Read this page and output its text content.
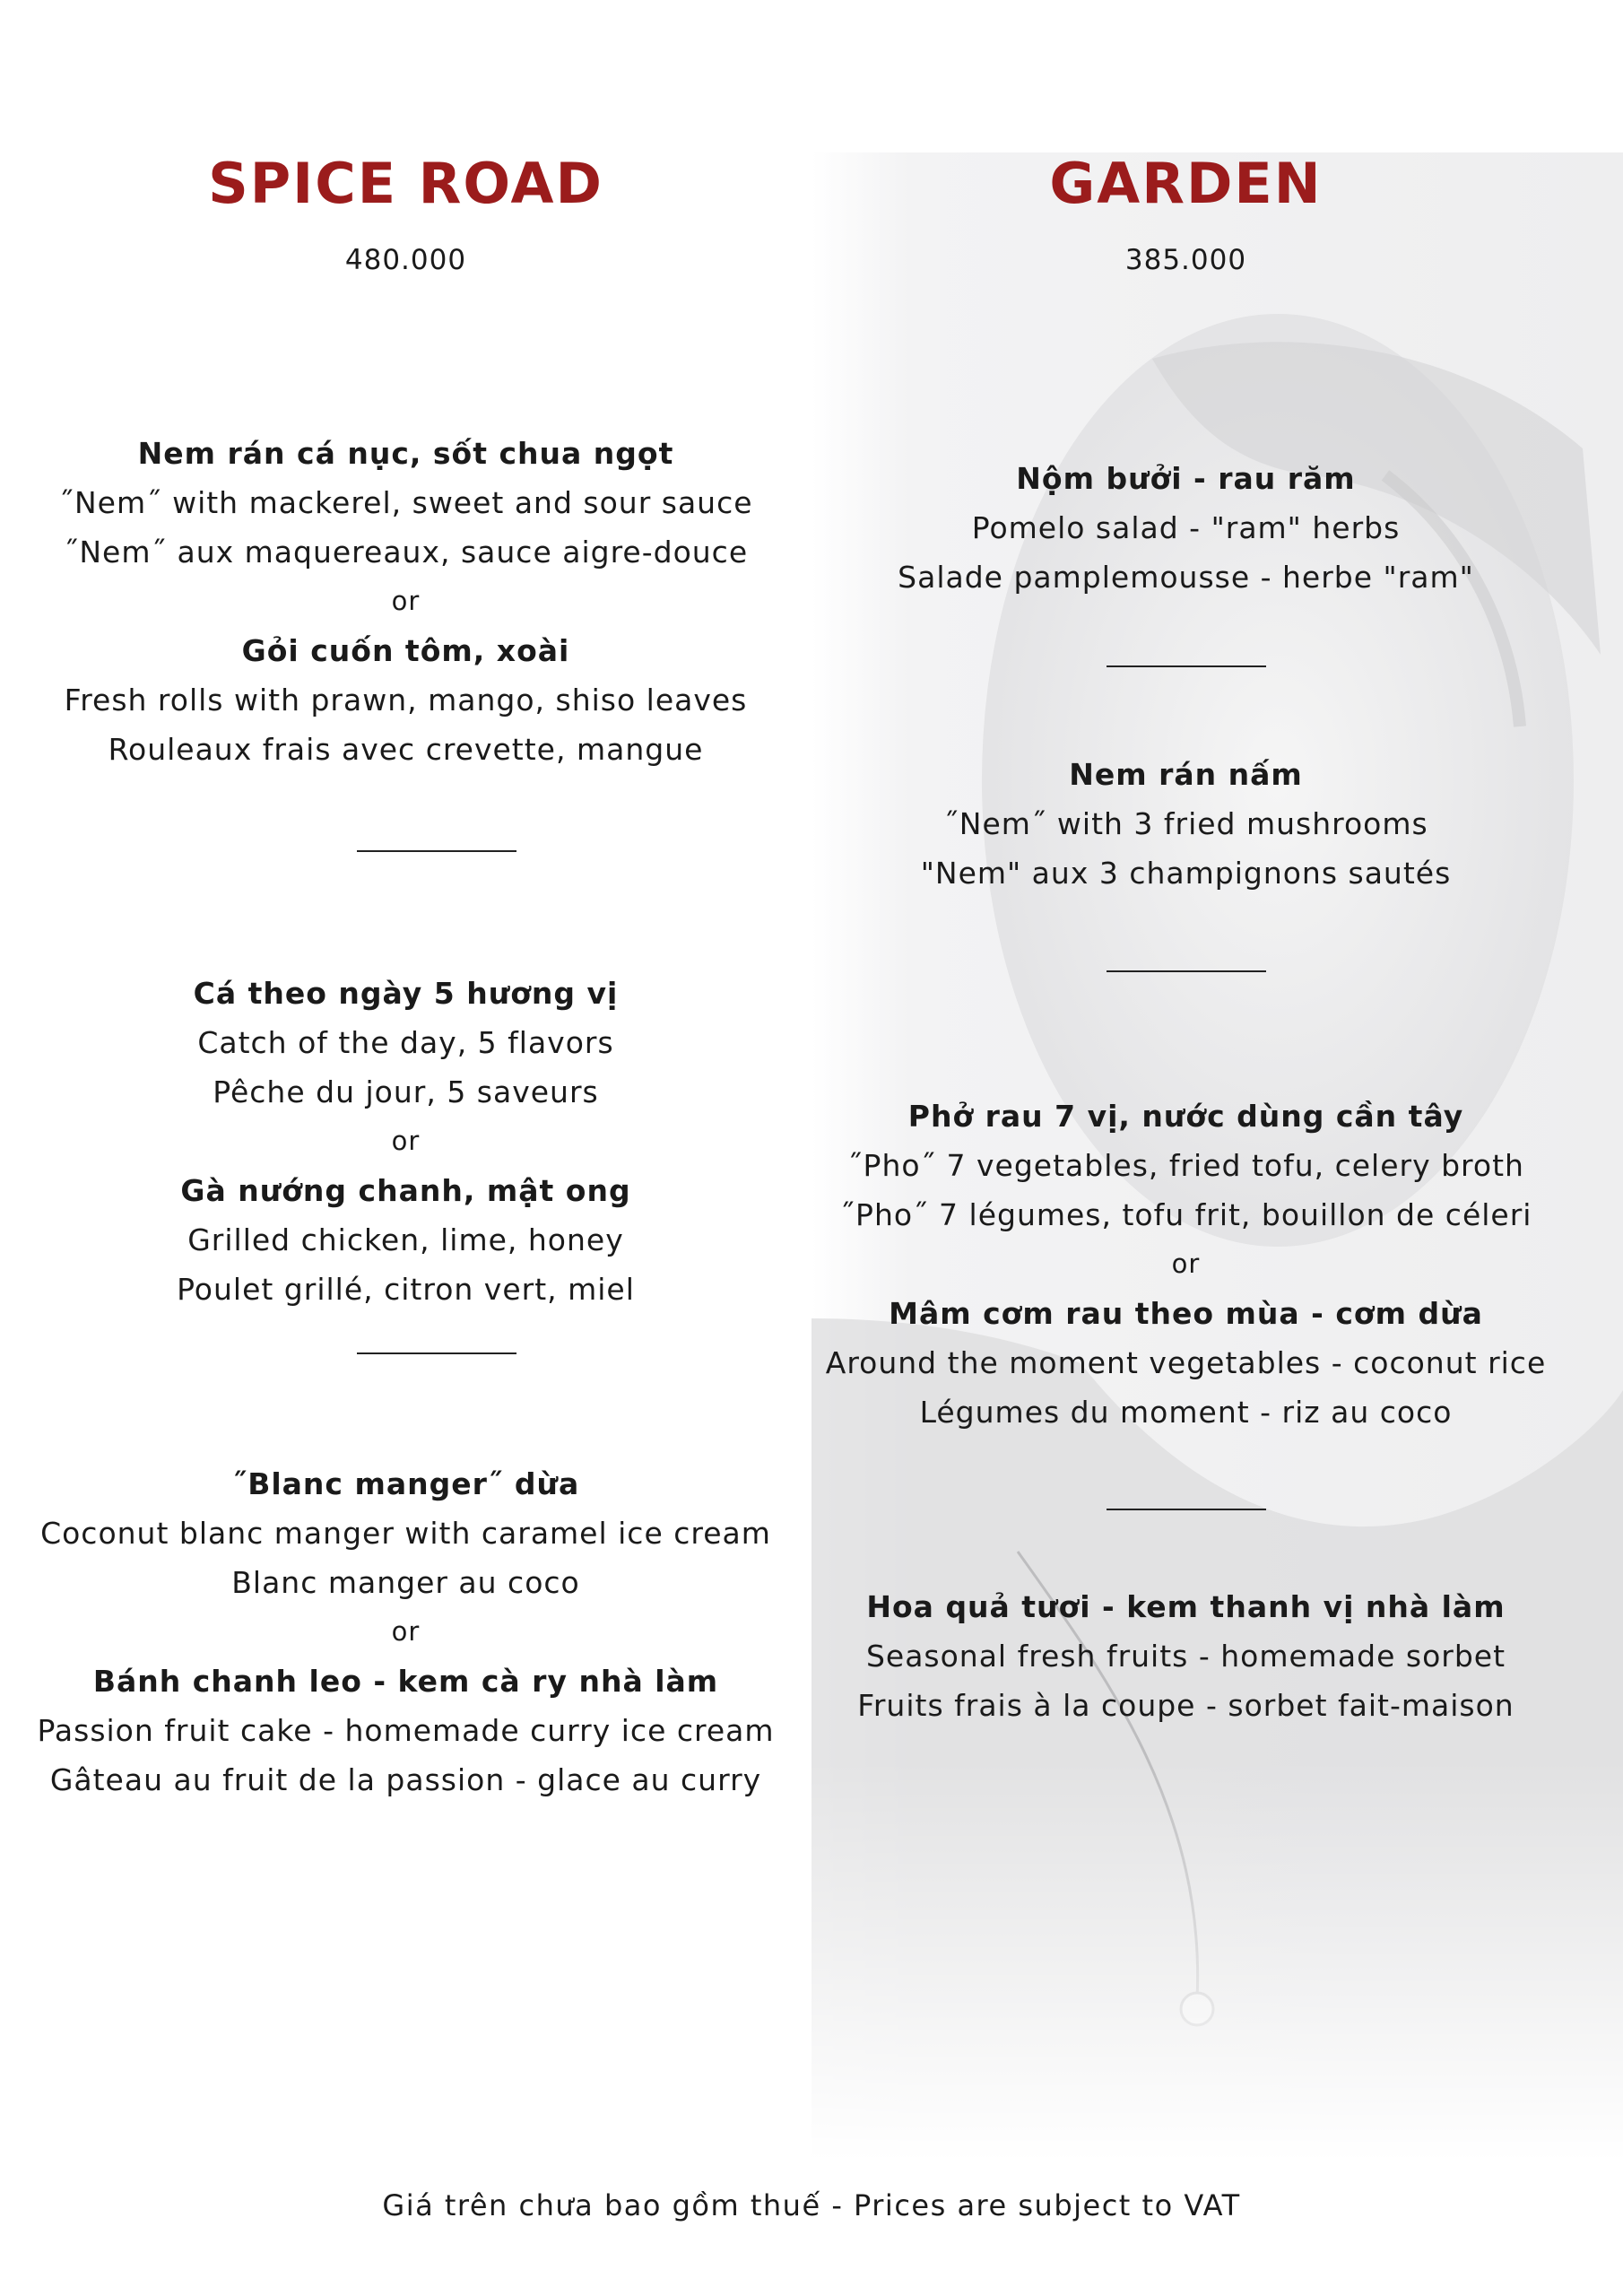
SPICE ROAD
480.000
Nem rán cá nục, sốt chua ngọt
˝Nem˝ with mackerel, sweet and sour sauce
˝Nem˝ aux maquereaux, sauce aigre-douce
or
Gỏi cuốn tôm, xoài
Fresh rolls with prawn, mango, shiso leaves
Rouleaux frais avec crevette, mangue
Cá theo ngày 5 hương vị
Catch of the day, 5 flavors
Pêche du jour, 5 saveurs
or
Gà nướng chanh, mật ong
Grilled chicken, lime, honey
Poulet grillé, citron vert, miel
˝Blanc manger˝ dừa
Coconut blanc manger with caramel ice cream
Blanc manger au coco
or
Bánh chanh leo - kem cà ry nhà làm
Passion fruit cake - homemade curry ice cream
Gâteau au fruit de la passion - glace au curry
GARDEN
385.000
Nộm bưởi - rau răm
Pomelo salad - "ram" herbs
Salade pamplemousse - herbe "ram"
Nem rán nấm
˝Nem˝ with 3 fried mushrooms
"Nem" aux 3 champignons sautés
Phở rau 7 vị, nước dùng cần tây
˝Pho˝ 7 vegetables, fried tofu, celery broth
˝Pho˝ 7 légumes, tofu frit, bouillon de céleri
or
Mâm cơm rau theo mùa - cơm dừa
Around the moment vegetables - coconut rice
Légumes du moment - riz au coco
Hoa quả tươi - kem thanh vị nhà làm
Seasonal fresh fruits - homemade sorbet
Fruits frais à la coupe - sorbet fait-maison
Giá trên chưa bao gồm thuế - Prices are subject to VAT
